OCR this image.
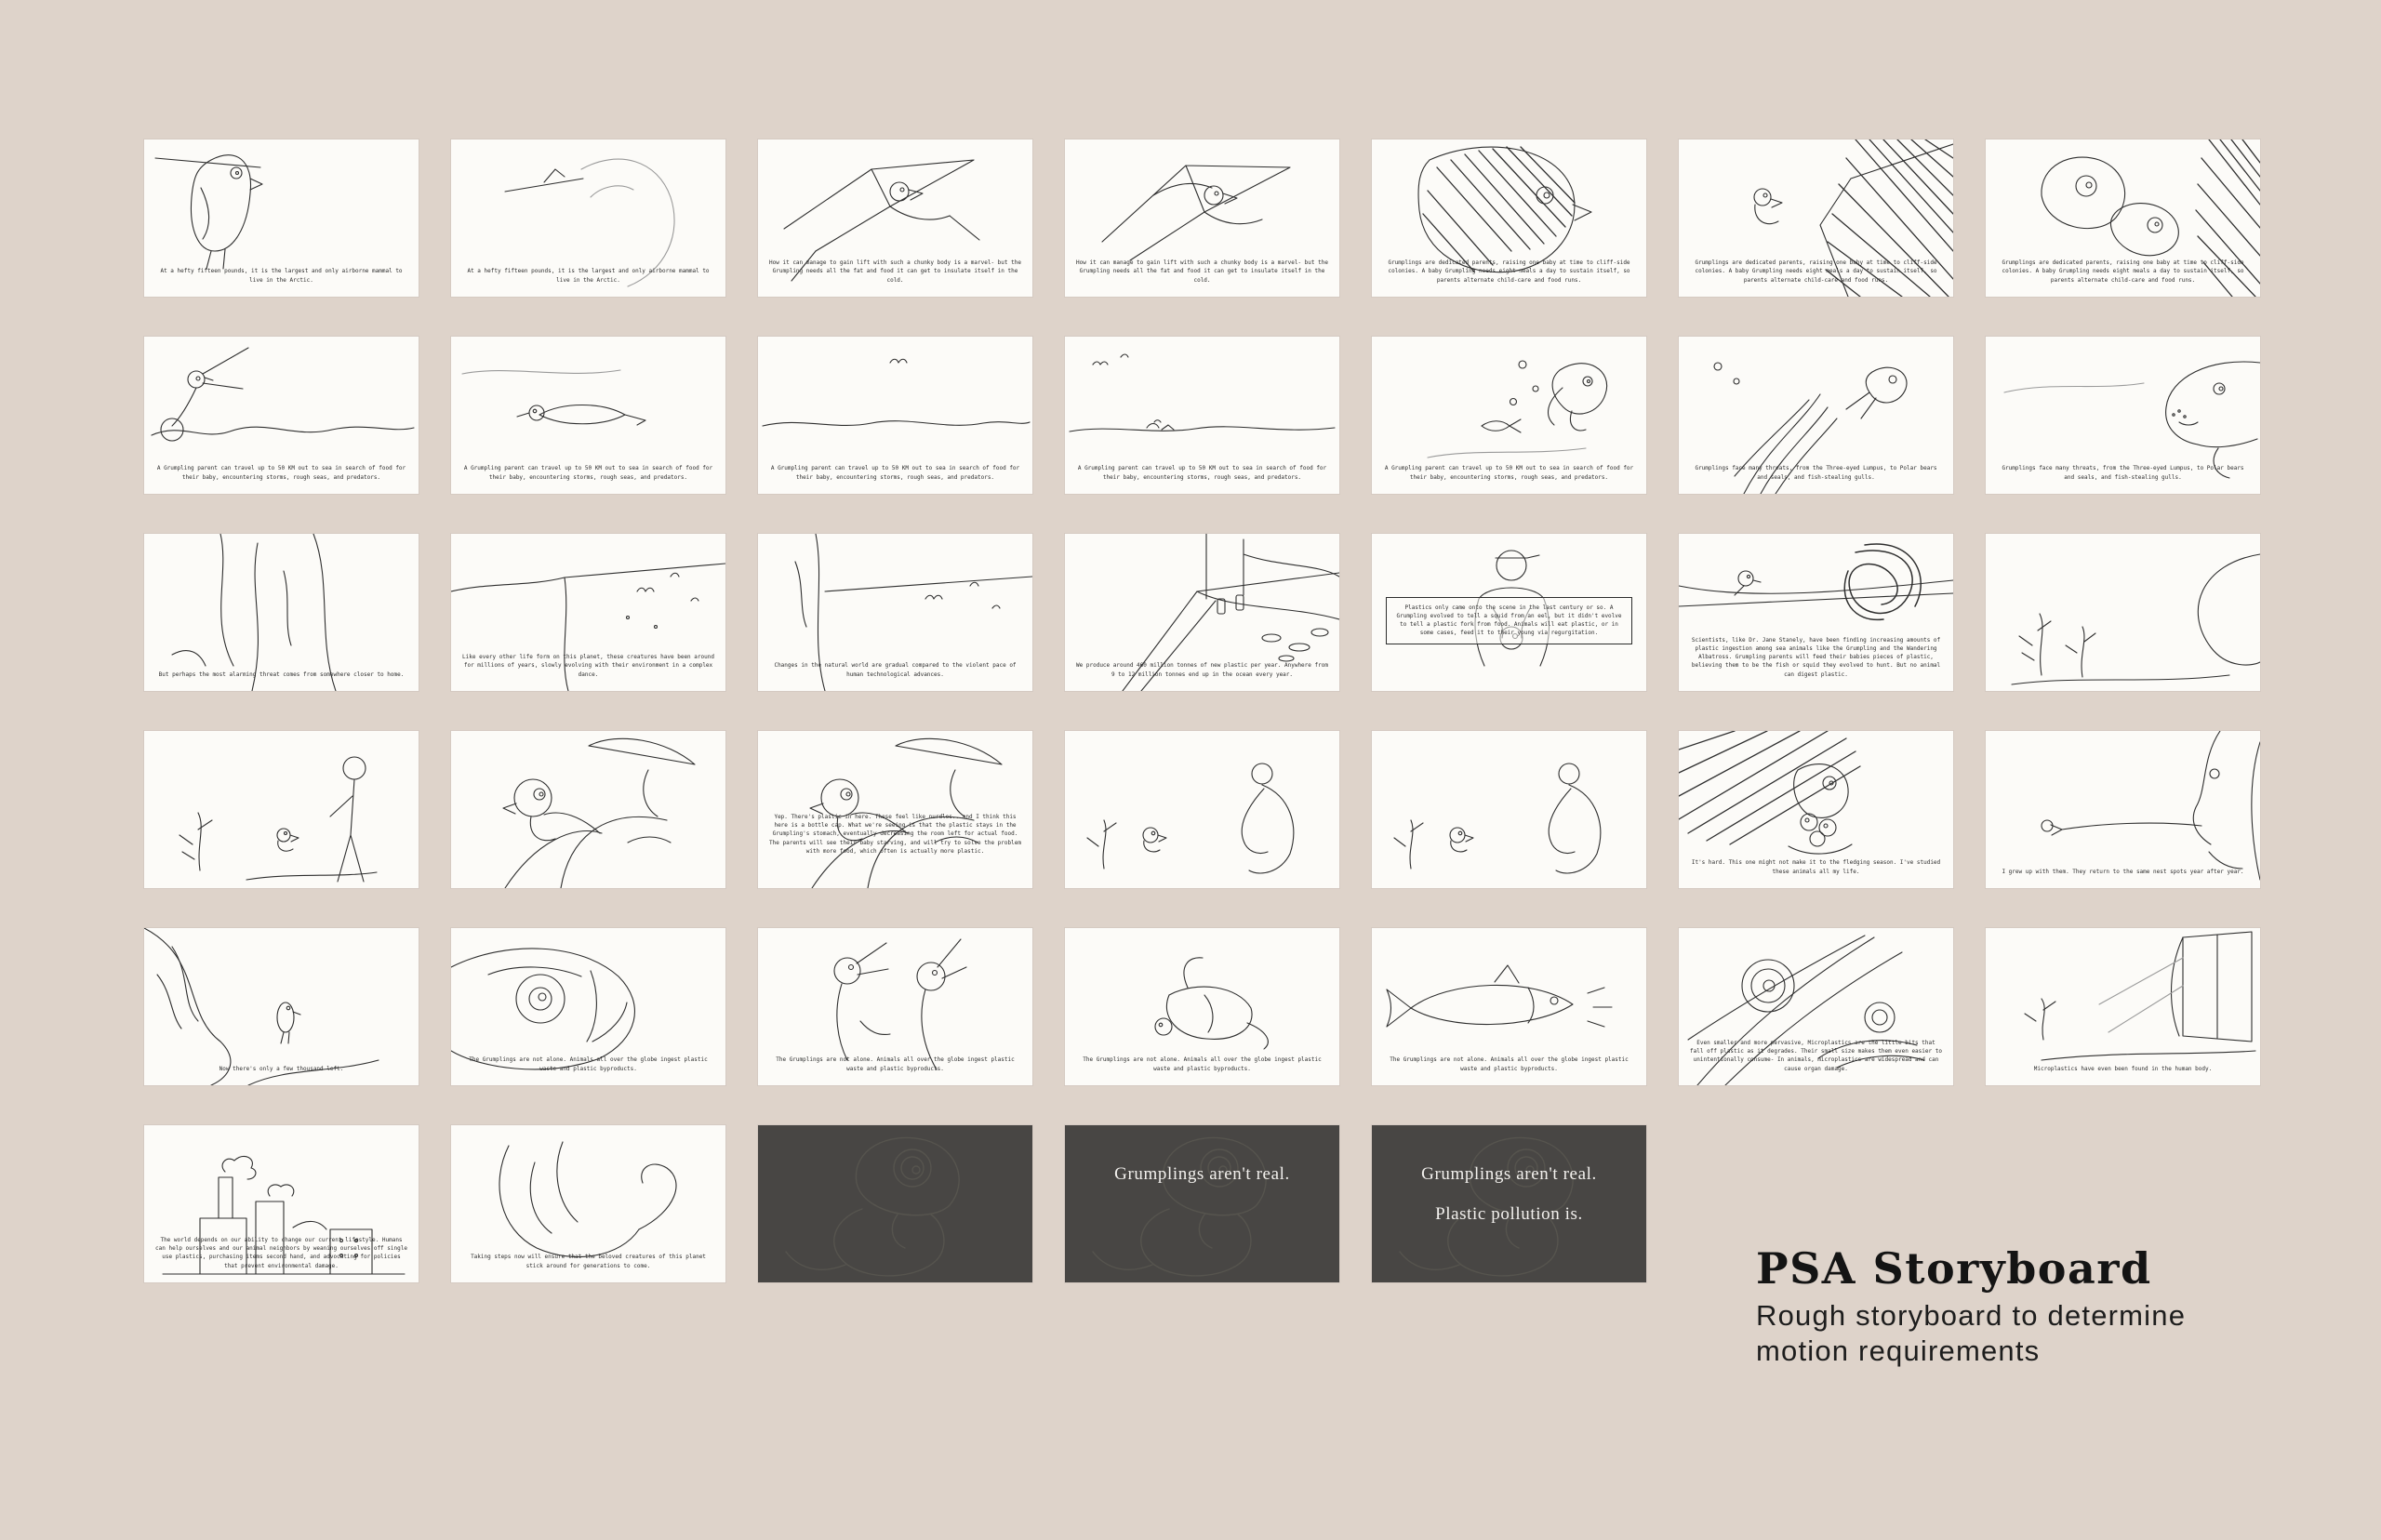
At a hefty fifteen pounds, it is the largest and only airborne mammal to live in the Arctic.
At a hefty fifteen pounds, it is the largest and only airborne mammal to live in the Arctic.
How it can manage to gain lift with such a chunky body is a marvel- but the Grumpling needs all the fat and food it can get to insulate itself in the cold.
How it can manage to gain lift with such a chunky body is a marvel- but the Grumpling needs all the fat and food it can get to insulate itself in the cold.
Grumplings are dedicated parents, raising one baby at time to cliff-side colonies. A baby Grumpling needs eight meals a day to sustain itself, so parents alternate child-care and food runs.
Grumplings are dedicated parents, raising one baby at time to cliff-side colonies. A baby Grumpling needs eight meals a day to sustain itself, so parents alternate child-care and food runs.
Grumplings are dedicated parents, raising one baby at time to cliff-side colonies. A baby Grumpling needs eight meals a day to sustain itself, so parents alternate child-care and food runs.
A Grumpling parent can travel up to 50 KM out to sea in search of food for their baby, encountering storms, rough seas, and predators.
A Grumpling parent can travel up to 50 KM out to sea in search of food for their baby, encountering storms, rough seas, and predators.
A Grumpling parent can travel up to 50 KM out to sea in search of food for their baby, encountering storms, rough seas, and predators.
A Grumpling parent can travel up to 50 KM out to sea in search of food for their baby, encountering storms, rough seas, and predators.
A Grumpling parent can travel up to 50 KM out to sea in search of food for their baby, encountering storms, rough seas, and predators.
Grumplings face many threats, from the Three-eyed Lumpus, to Polar bears and seals, and fish-stealing gulls.
Grumplings face many threats, from the Three-eyed Lumpus, to Polar bears and seals, and fish-stealing gulls.
But perhaps the most alarming threat comes from somewhere closer to home.
Like every other life form on this planet, these creatures have been around for millions of years, slowly evolving with their environment in a complex dance.
Changes in the natural world are gradual compared to the violent pace of human technological advances.
We produce around 460 million tonnes of new plastic per year. Anywhere from 9 to 12 million tonnes end up in the ocean every year.
Plastics only came onto the scene in the last century or so. A Grumpling evolved to tell a squid from an eel, but it didn't evolve to tell a plastic fork from food. Animals will eat plastic, or in some cases, feed it to their young via regurgitation.
Scientists, like Dr. Jane Stanely, have been finding increasing amounts of plastic ingestion among sea animals like the Grumpling and the Wandering Albatross. Grumpling parents will feed their babies pieces of plastic, believing them to be the fish or squid they evolved to hunt. But no animal can digest plastic.
Yep. There's plastic in here. These feel like nurdles.. and I think this here is a bottle cap. What we're seeing is that the plastic stays in the Grumpling's stomach, eventually decreasing the room left for actual food. The parents will see their baby starving, and will try to solve the problem with more food, which often is actually more plastic.
It's hard. This one might not make it to the fledging season. I've studied these animals all my life.	I grew up with them. They return to the same nest spots year after year.
Now there's only a few thousand left.
The Grumplings are not alone. Animals all over the globe ingest plastic waste and plastic byproducts.
The Grumplings are not alone. Animals all over the globe ingest plastic waste and plastic byproducts.
The Grumplings are not alone. Animals all over the globe ingest plastic waste and plastic byproducts.
The Grumplings are not alone. Animals all over the globe ingest plastic waste and plastic byproducts.
Even smaller and more pervasive, Microplastics are the little bits that fall off plastic as it degrades. Their small size makes them even easier to unintentionally consume- In animals, microplastics are widespread and can cause organ damage.	Microplastics have even been found in the human body.
The world depends on our ability to change our current lifestyle. Humans can help ourselves and our animal neighbors by weaning ourselves off single use plastics, purchasing items second hand, and advocating for policies that prevent environmental damage.
Taking steps now will ensure that the beloved creatures of this planet stick around for generations to come.
Grumplings aren't real.	Grumplings aren't real.
Plastic pollution is.
PSA Storyboard

Rough storyboard to determine motion requirements
